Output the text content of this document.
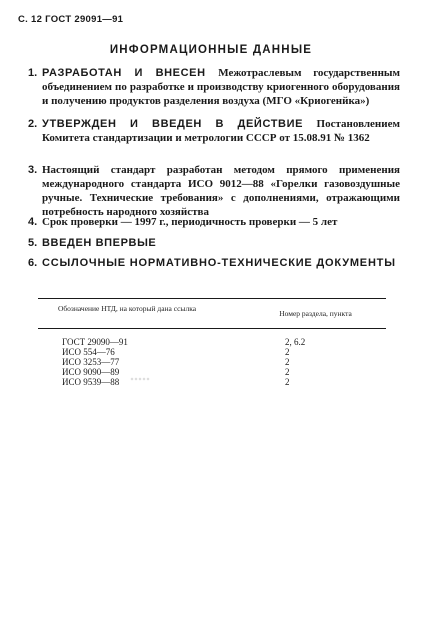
С. 12 ГОСТ 29091—91
ИНФОРМАЦИОННЫЕ ДАННЫЕ
1. РАЗРАБОТАН И ВНЕСЕН Межотраслевым государственным объединением по разработке и производству криогенного оборудования и получению продуктов разделения воздуха (МГО «Криогенйка»)
2. УТВЕРЖДЕН И ВВЕДЕН В ДЕЙСТВИЕ Постановлением Комитета стандартизации и метрологии СССР от 15.08.91 № 1362
3. Настоящий стандарт разработан методом прямого применения международного стандарта ИСО 9012—88 «Горелки газовоздушные ручные. Технические требования» с дополнениями, отражающими потребность народного хозяйства
4. Срок проверки — 1997 г., периодичность проверки — 5 лет
5. ВВЕДЕН ВПЕРВЫЕ
6. ССЫЛОЧНЫЕ НОРМАТИВНО-ТЕХНИЧЕСКИЕ ДОКУМЕНТЫ
Обозначение НТД, на который дана ссылка
Номер раздела, пункта
ГОСТ 29090—91	2, 6.2
ИСО 554—76	2
ИСО 3253—77	2
ИСО 9090—89	2
ИСО 9539—88	2
